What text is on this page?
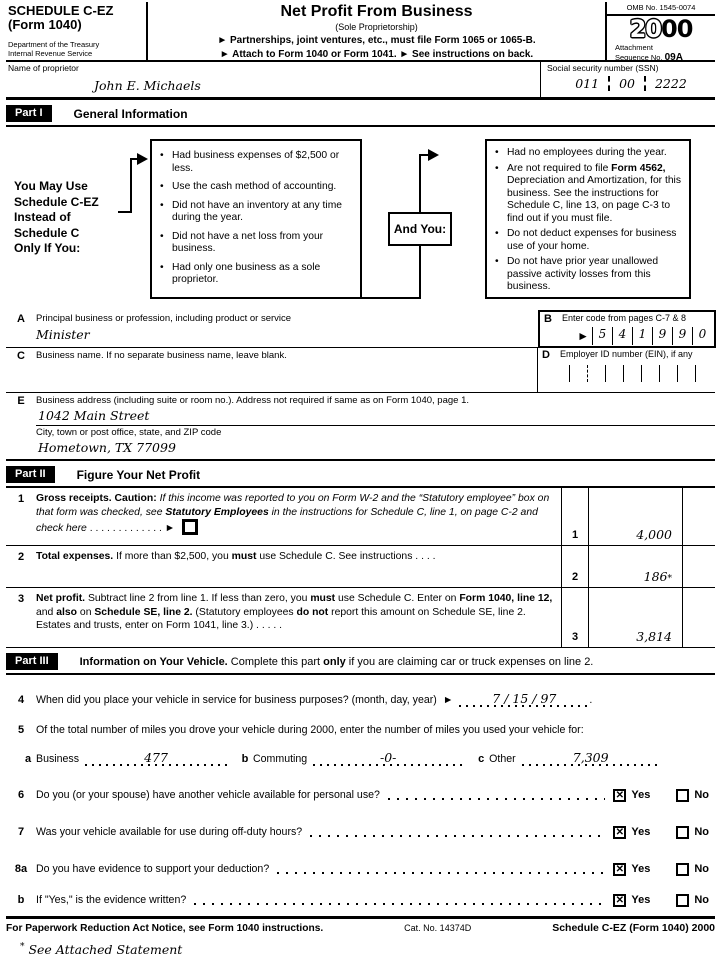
SCHEDULE C-EZ
(Form 1040)
Department of the Treasury
Internal Revenue Service
Net Profit From Business
(Sole Proprietorship)
► Partnerships, joint ventures, etc., must file Form 1065 or 1065-B.
► Attach to Form 1040 or Form 1041. ► See instructions on back.
OMB No. 1545-0074
2000
Attachment
Sequence No. 09A
Name of proprietor
John E. Michaels
Social security number (SSN)
011 00 2222
Part I	General Information
You May Use
Schedule C-EZ
Instead of
Schedule C
Only If You:
• Had business expenses of $2,500 or less.
• Use the cash method of accounting.
• Did not have an inventory at any time during the year.
• Did not have a net loss from your business.
• Had only one business as a sole proprietor.
And You:
• Had no employees during the year.
• Are not required to file Form 4562, Depreciation and Amortization, for this business. See the instructions for Schedule C, line 13, on page C-3 to find out if you must file.
• Do not deduct expenses for business use of your home.
• Do not have prior year unallowed passive activity losses from this business.
A	Principal business or profession, including product or service
Minister
B	Enter code from pages C-7 & 8
► 5	4	1	9	9	0
C	Business name. If no separate business name, leave blank.	D	Employer ID number (EIN), if any
E	Business address (including suite or room no.). Address not required if same as on Form 1040, page 1.
1042 Main Street
City, town or post office, state, and ZIP code
Hometown, TX 77099
Part II	Figure Your Net Profit
1	Gross receipts. Caution: If this income was reported to you on Form W-2 and the “Statutory employee” box on that form was checked, see Statutory Employees in the instructions for Schedule C, line 1, on page C-2 and check here . . . . . . . . . . . . . ►
1	4,000
2	Total expenses. If more than $2,500, you must use Schedule C. See instructions . . . .
2	186 *
3	Net profit. Subtract line 2 from line 1. If less than zero, you must use Schedule C. Enter on Form 1040, line 12, and also on Schedule SE, line 2. (Statutory employees do not report this amount on Schedule SE, line 2. Estates and trusts, enter on Form 1041, line 3.) . . . . .
3	3,814
Part III	Information on Your Vehicle. Complete this part only if you are claiming car or truck expenses on line 2.
4	When did you place your vehicle in service for business purposes? (month, day, year) ►	7 / 15 / 97	.
5	Of the total number of miles you drove your vehicle during 2000, enter the number of miles you used your vehicle for:
a Business	477	b Commuting	-0-	c Other	7,309
6	Do you (or your spouse) have another vehicle available for personal use?	✕ Yes	No
7	Was your vehicle available for use during off-duty hours?	✕ Yes	No
8a Do you have evidence to support your deduction?	✕ Yes	No
b	If "Yes," is the evidence written?	✕ Yes	No
For Paperwork Reduction Act Notice, see Form 1040 instructions.	Cat. No. 14374D	Schedule C-EZ (Form 1040) 2000
* See Attached Statement
